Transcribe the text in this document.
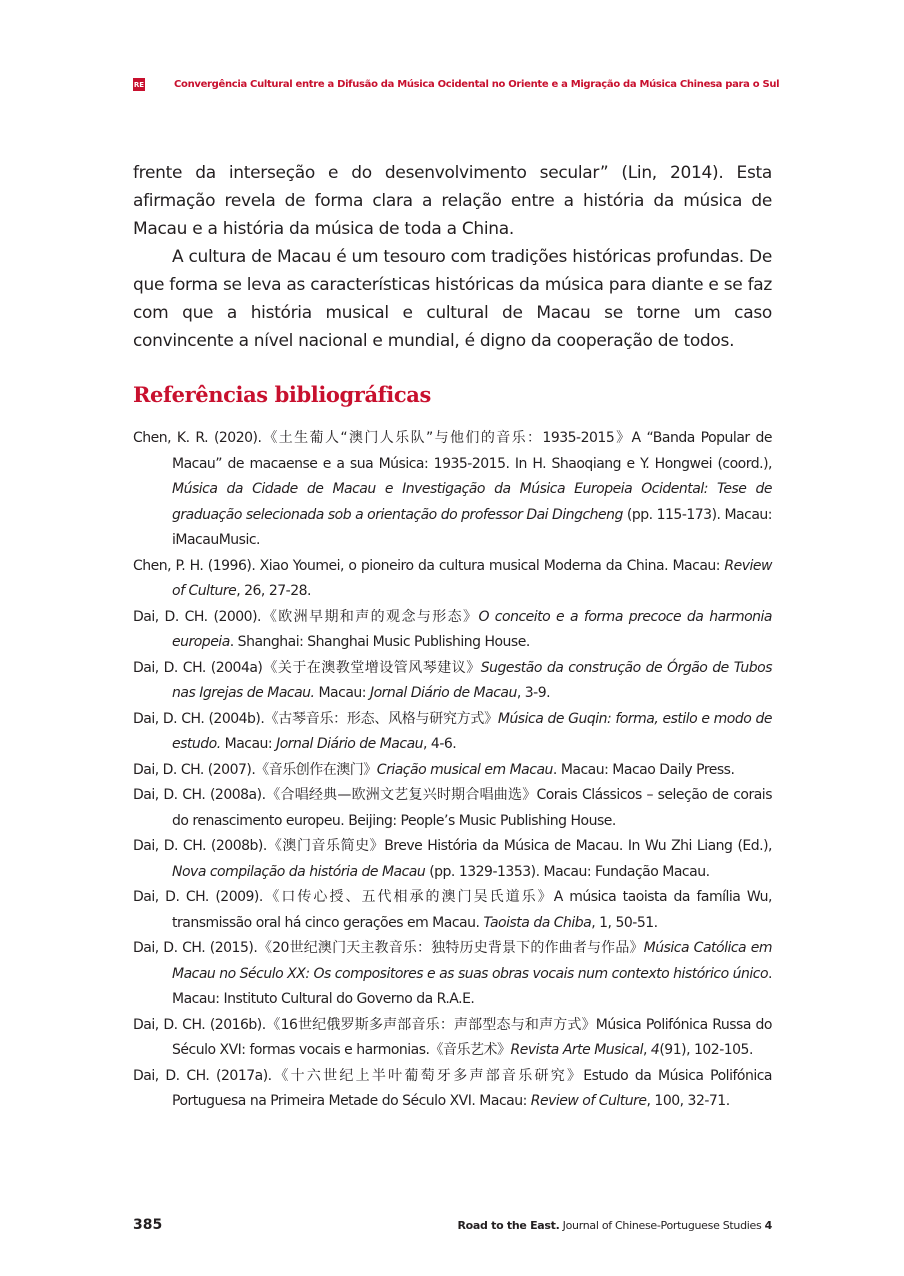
RE	Convergência Cultural entre a Difusão da Música Ocidental no Oriente e a Migração da Música Chinesa para o Sul

frente da interseção e do desenvolvimento secular” (Lin, 2014). Esta afirmação revela de forma clara a relação entre a história da música de Macau e a história da música de toda a China.

A cultura de Macau é um tesouro com tradições históricas profundas. De que forma se leva as características históricas da música para diante e se faz com que a história musical e cultural de Macau se torne um caso convincente a nível nacional e mundial, é digno da cooperação de todos.

Referências bibliográficas

Chen, K. R. (2020).《土生葡人“澳门人乐队”与他们的音乐：1935-2015》A “Banda Popular de Macau” de macaense e a sua Música: 1935-2015. In H. Shaoqiang e Y. Hongwei (coord.), Música da Cidade de Macau e Investigação da Música Europeia Ocidental: Tese de graduação selecionada sob a orientação do professor Dai Dingcheng (pp. 115-173). Macau: iMacauMusic.

Chen, P. H. (1996). Xiao Youmei, o pioneiro da cultura musical Moderna da China. Macau: Review of Culture, 26, 27-28.

Dai, D. CH. (2000).《欧洲早期和声的观念与形态》O conceito e a forma precoce da harmonia europeia. Shanghai: Shanghai Music Publishing House.

Dai, D. CH. (2004a)《关于在澳教堂增设管风琴建议》Sugestão da construção de Órgão de Tubos nas Igrejas de Macau. Macau: Jornal Diário de Macau, 3-9.

Dai, D. CH. (2004b).《古琴音乐：形态、风格与研究方式》Música de Guqin: forma, estilo e modo de estudo. Macau: Jornal Diário de Macau, 4-6.

Dai, D. CH. (2007).《音乐创作在澳门》Criação musical em Macau. Macau: Macao Daily Press.

Dai, D. CH. (2008a).《合唱经典—欧洲文艺复兴时期合唱曲选》Corais Clássicos – seleção de corais do renascimento europeu. Beijing: People’s Music Publishing House.

Dai, D. CH. (2008b).《澳门音乐简史》Breve História da Música de Macau. In Wu Zhi Liang (Ed.), Nova compilação da história de Macau (pp. 1329-1353). Macau: Fundação Macau.

Dai, D. CH. (2009).《口传心授、五代相承的澳门吴氏道乐》A música taoista da família Wu, transmissão oral há cinco gerações em Macau. Taoista da Chiba, 1, 50-51.

Dai, D. CH. (2015).《20世纪澳门天主教音乐：独特历史背景下的作曲者与作品》Música Católica em Macau no Século XX: Os compositores e as suas obras vocais num contexto histórico único. Macau: Instituto Cultural do Governo da R.A.E.

Dai, D. CH. (2016b).《16世纪俄罗斯多声部音乐：声部型态与和声方式》Música Polifónica Russa do Século XVI: formas vocais e harmonias.《音乐艺术》Revista Arte Musical, 4(91), 102-105.

Dai, D. CH. (2017a).《十六世纪上半叶葡萄牙多声部音乐研究》Estudo da Música Polifónica Portuguesa na Primeira Metade do Século XVI. Macau: Review of Culture, 100, 32-71.

385	Road to the East. Journal of Chinese-Portuguese Studies 4
